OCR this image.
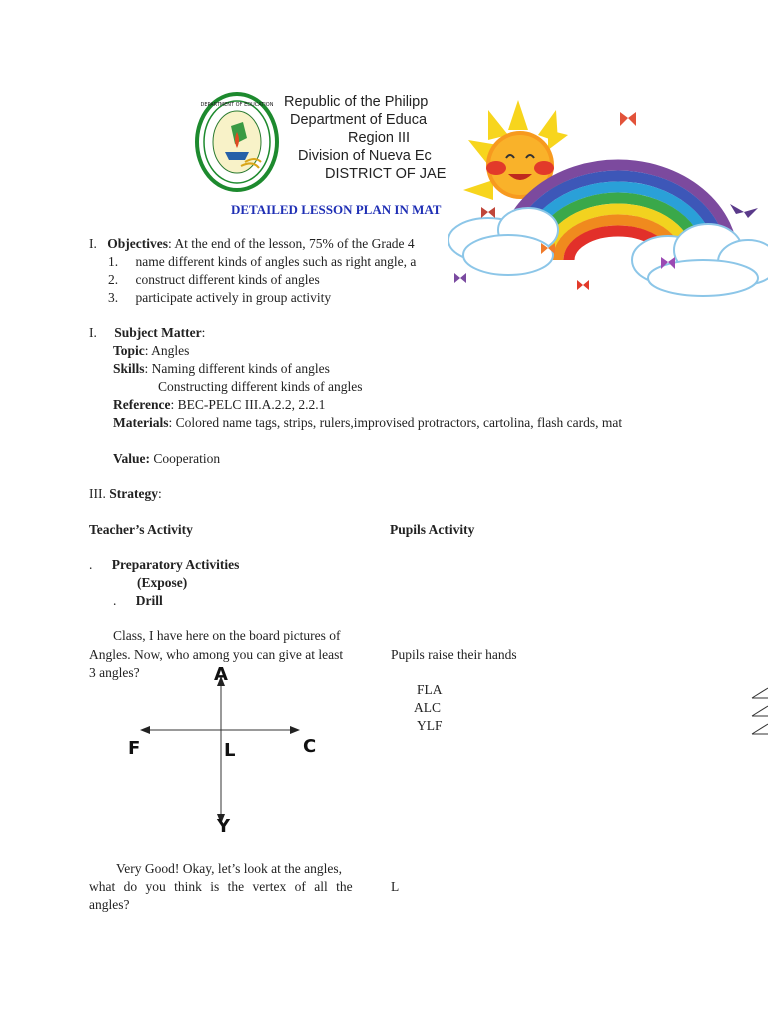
DEPARTMENT OF EDUCATION Republic of the Philipp
Department of Educa
Region III
Division of Nueva Ec
DISTRICT OF JAE
DETAILED LESSON PLAN IN MAT
I. Objectives: At the end of the lesson, 75% of the Grade 4
1. name different kinds of angles such as right angle, a
2. construct different kinds of angles
3. participate actively in group activity
I. Subject Matter:
Topic: Angles
Skills: Naming different kinds of angles
Constructing different kinds of angles
Reference: BEC-PELC III.A.2.2, 2.2.1
Materials: Colored name tags, strips, rulers,improvised protractors, cartolina, flash cards, mat
Value: Cooperation
III. Strategy:
Teacher’s Activity	Pupils Activity
. Preparatory Activities
(Expose)
. Drill
Class, I have here on the board pictures of
Angles. Now, who among you can give at least
3 angles?
Pupils raise their hands
FLA
ALC
YLF
A
F	L	C
Y
Very Good! Okay, let’s look at the angles,
what do you think is the vertex of all the
angles?
L
